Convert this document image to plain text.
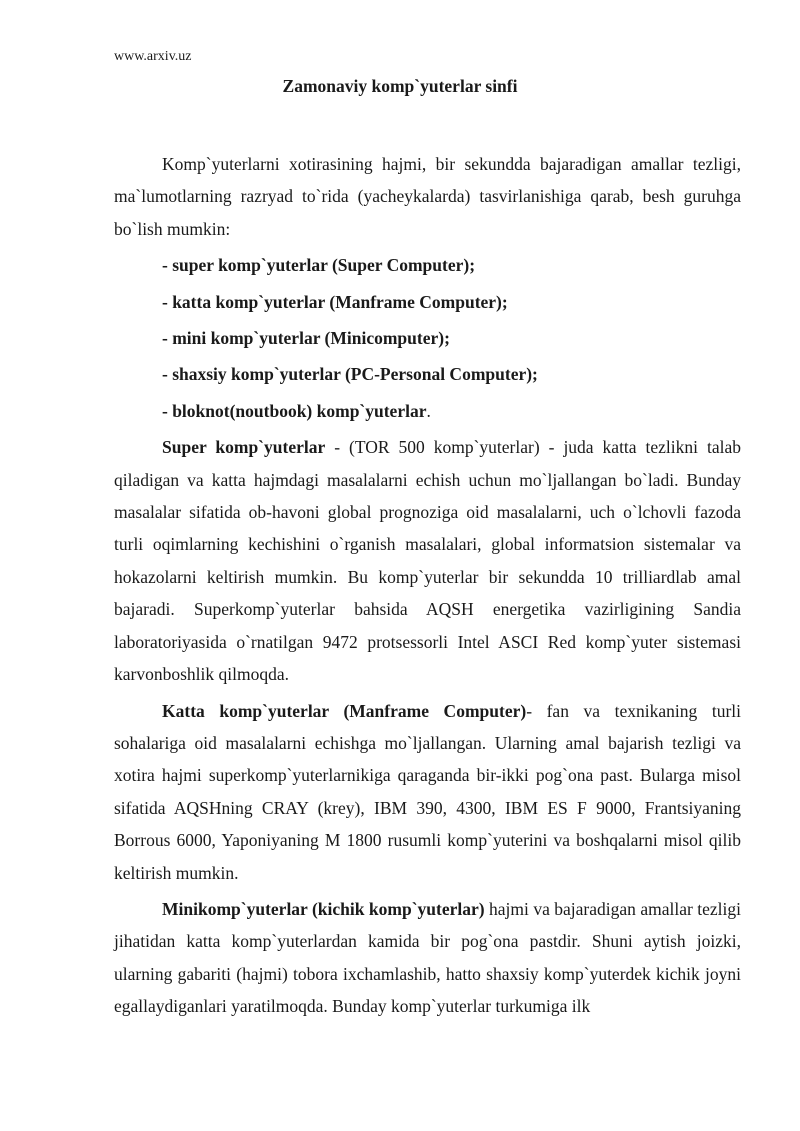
www.arxiv.uz
Zamonaviy komp`yuterlar sinfi

Komp`yuterlarni xotirasining hajmi, bir sekundda bajaradigan amallar tezligi, ma`lumotlarning razryad to`rida (yacheykalarda) tasvirlanishiga qarab, besh guruhga bo`lish mumkin:

- super komp`yuterlar (Super Computer);

- katta komp`yuterlar (Manframe Computer);

- mini komp`yuterlar (Minicomputer);

- shaxsiy komp`yuterlar (PC-Personal Computer);

- bloknot(noutbook) komp`yuterlar.

Super komp`yuterlar - (TOR 500 komp`yuterlar) - juda katta tezlikni talab qiladigan va katta hajmdagi masalalarni echish uchun mo`ljallangan bo`ladi. Bunday masalalar sifatida ob-havoni global prognoziga oid masalalarni, uch o`lchovli fazoda turli oqimlarning kechishini o`rganish masalalari, global informatsion sistemalar va hokazolarni keltirish mumkin. Bu komp`yuterlar bir sekundda 10 trilliardlab amal bajaradi. Superkomp`yuterlar bahsida AQSH energetika vazirligining Sandia laboratoriyasida o`rnatilgan 9472 protsessorli Intel ASCI Red komp`yuter sistemasi karvonboshlik qilmoqda.

Katta komp`yuterlar (Manframe Computer)- fan va texnikaning turli sohalariga oid masalalarni echishga mo`ljallangan. Ularning amal bajarish tezligi va xotira hajmi superkomp`yuterlarnikiga qaraganda bir-ikki pog`ona past. Bularga misol sifatida AQSHning CRAY (krey), IBM 390, 4300, IBM ES F 9000, Frantsiyaning Borrous 6000, Yaponiyaning M 1800 rusumli komp`yuterini va boshqalarni misol qilib keltirish mumkin.

Minikomp`yuterlar (kichik komp`yuterlar) hajmi va bajaradigan amallar tezligi jihatidan katta komp`yuterlardan kamida bir pog`ona pastdir. Shuni aytish joizki, ularning gabariti (hajmi) tobora ixchamlashib, hatto shaxsiy komp`yuterdek kichik joyni egallaydiganlari yaratilmoqda. Bunday komp`yuterlar turkumiga ilk
